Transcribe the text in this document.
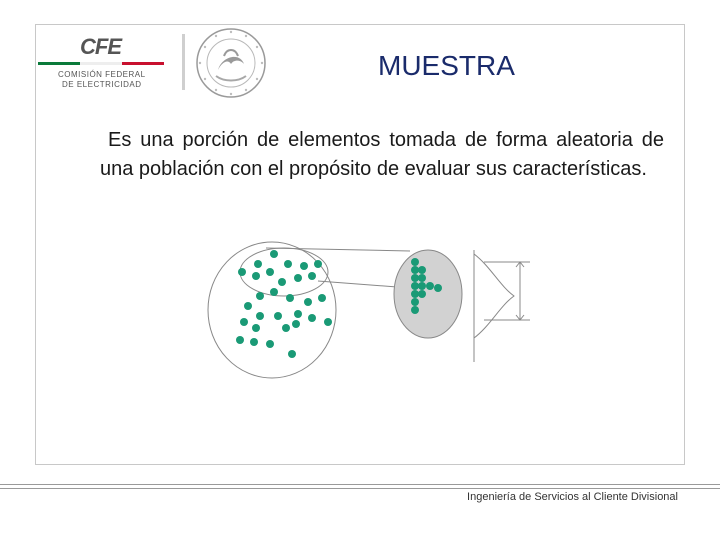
CFE
COMISIÓN FEDERAL
DE ELECTRICIDAD
MUESTRA

Es una porción de elementos tomada de forma aleatoria de una población con el propósito de evaluar sus características.

Ingeniería de Servicios al Cliente Divisional
